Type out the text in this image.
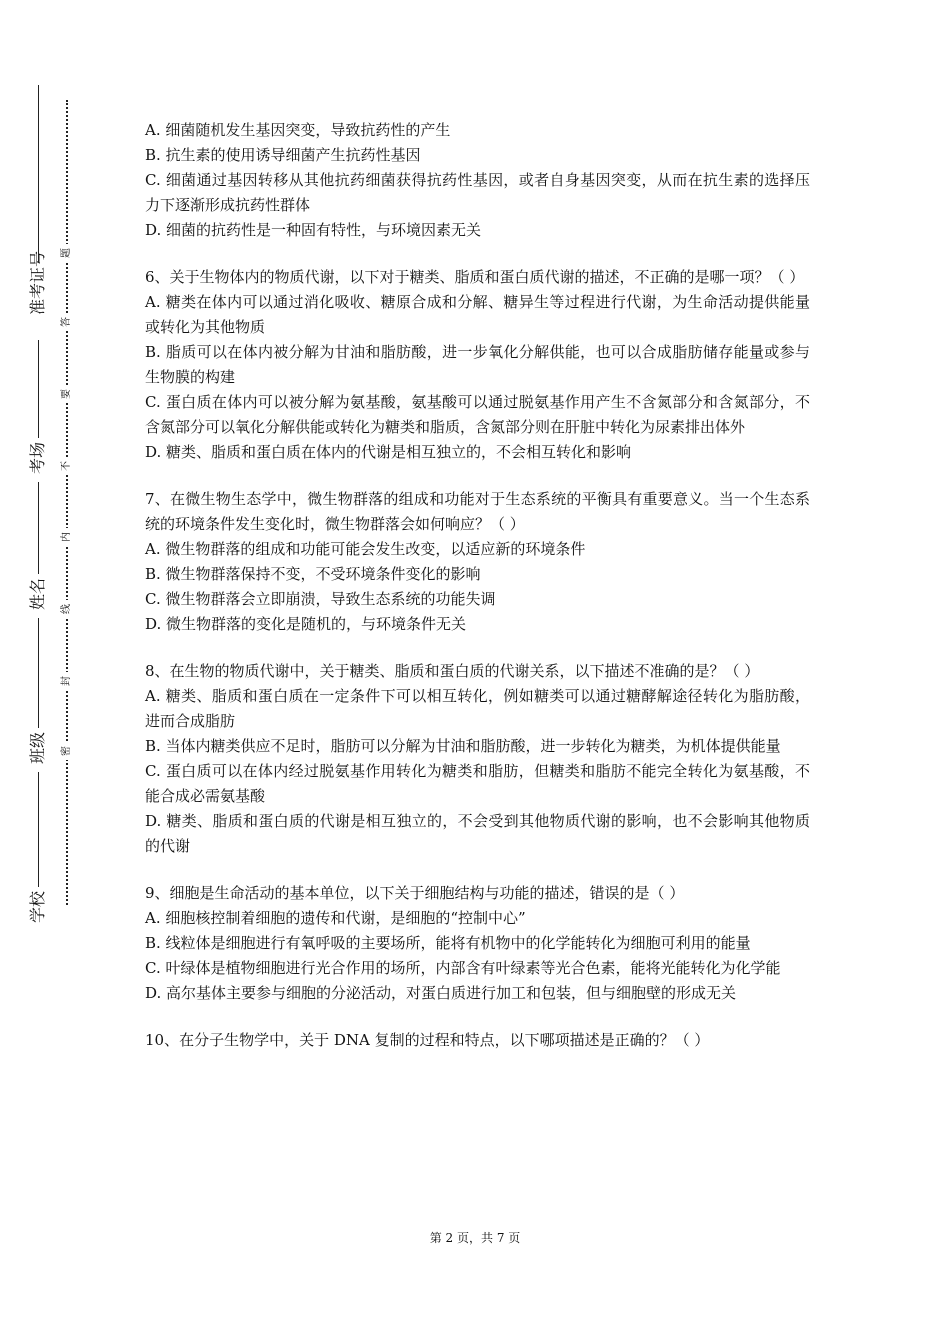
准考证号
考场
姓名
班级
学校
题
答
要
不
内
线
封
密

A. 细菌随机发生基因突变，导致抗药性的产生

B. 抗生素的使用诱导细菌产生抗药性基因

C. 细菌通过基因转移从其他抗药细菌获得抗药性基因，或者自身基因突变，从而在抗生素的选择压力下逐渐形成抗药性群体

D. 细菌的抗药性是一种固有特性，与环境因素无关

6、关于生物体内的物质代谢，以下对于糖类、脂质和蛋白质代谢的描述，不正确的是哪一项？（ ）

A. 糖类在体内可以通过消化吸收、糖原合成和分解、糖异生等过程进行代谢，为生命活动提供能量或转化为其他物质

B. 脂质可以在体内被分解为甘油和脂肪酸，进一步氧化分解供能，也可以合成脂肪储存能量或参与生物膜的构建

C. 蛋白质在体内可以被分解为氨基酸，氨基酸可以通过脱氨基作用产生不含氮部分和含氮部分，不含氮部分可以氧化分解供能或转化为糖类和脂质，含氮部分则在肝脏中转化为尿素排出体外

D. 糖类、脂质和蛋白质在体内的代谢是相互独立的，不会相互转化和影响

7、在微生物生态学中，微生物群落的组成和功能对于生态系统的平衡具有重要意义。当一个生态系统的环境条件发生变化时，微生物群落会如何响应？（ ）

A. 微生物群落的组成和功能可能会发生改变，以适应新的环境条件

B. 微生物群落保持不变，不受环境条件变化的影响

C. 微生物群落会立即崩溃，导致生态系统的功能失调

D. 微生物群落的变化是随机的，与环境条件无关

8、在生物的物质代谢中，关于糖类、脂质和蛋白质的代谢关系，以下描述不准确的是？（ ）

A. 糖类、脂质和蛋白质在一定条件下可以相互转化，例如糖类可以通过糖酵解途径转化为脂肪酸，进而合成脂肪

B. 当体内糖类供应不足时，脂肪可以分解为甘油和脂肪酸，进一步转化为糖类，为机体提供能量

C. 蛋白质可以在体内经过脱氨基作用转化为糖类和脂肪，但糖类和脂肪不能完全转化为氨基酸，不能合成必需氨基酸

D. 糖类、脂质和蛋白质的代谢是相互独立的，不会受到其他物质代谢的影响，也不会影响其他物质的代谢

9、细胞是生命活动的基本单位，以下关于细胞结构与功能的描述，错误的是（ ）

A. 细胞核控制着细胞的遗传和代谢，是细胞的“控制中心”

B. 线粒体是细胞进行有氧呼吸的主要场所，能将有机物中的化学能转化为细胞可利用的能量

C. 叶绿体是植物细胞进行光合作用的场所，内部含有叶绿素等光合色素，能将光能转化为化学能

D. 高尔基体主要参与细胞的分泌活动，对蛋白质进行加工和包装，但与细胞壁的形成无关

10、在分子生物学中，关于 DNA 复制的过程和特点，以下哪项描述是正确的？（ ）

第 2 页，共 7 页
